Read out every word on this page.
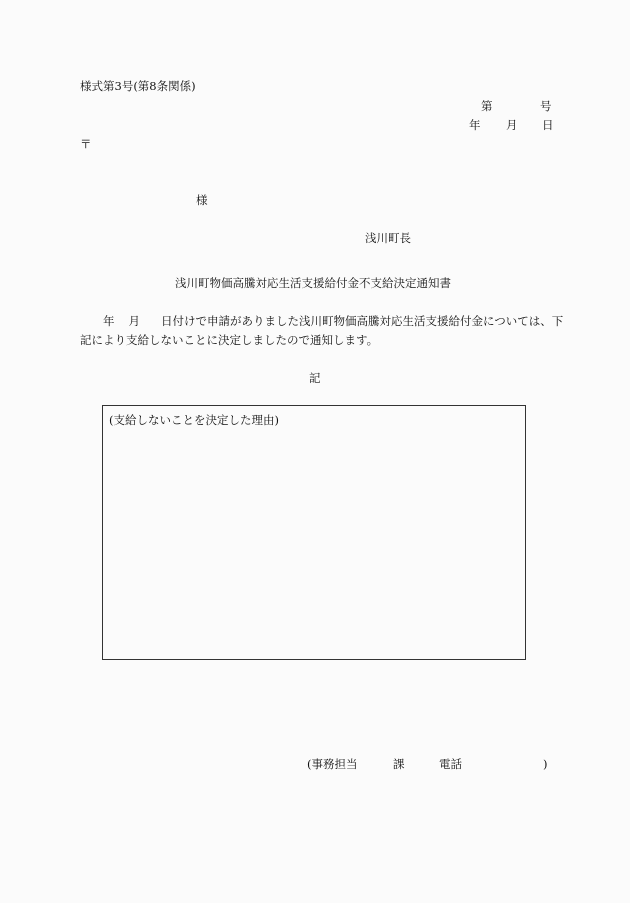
様式第3号(第8条関係)
第	号
年 月 日
〒
様
浅川町長
浅川町物価高騰対応生活支援給付金不支給決定通知書
年 月 日付けで申請がありました浅川町物価高騰対応生活支援給付金については、下
記により支給しないことに決定しましたので通知します。
記
(支給しないことを決定した理由)
(事務担当	課	電話	)
